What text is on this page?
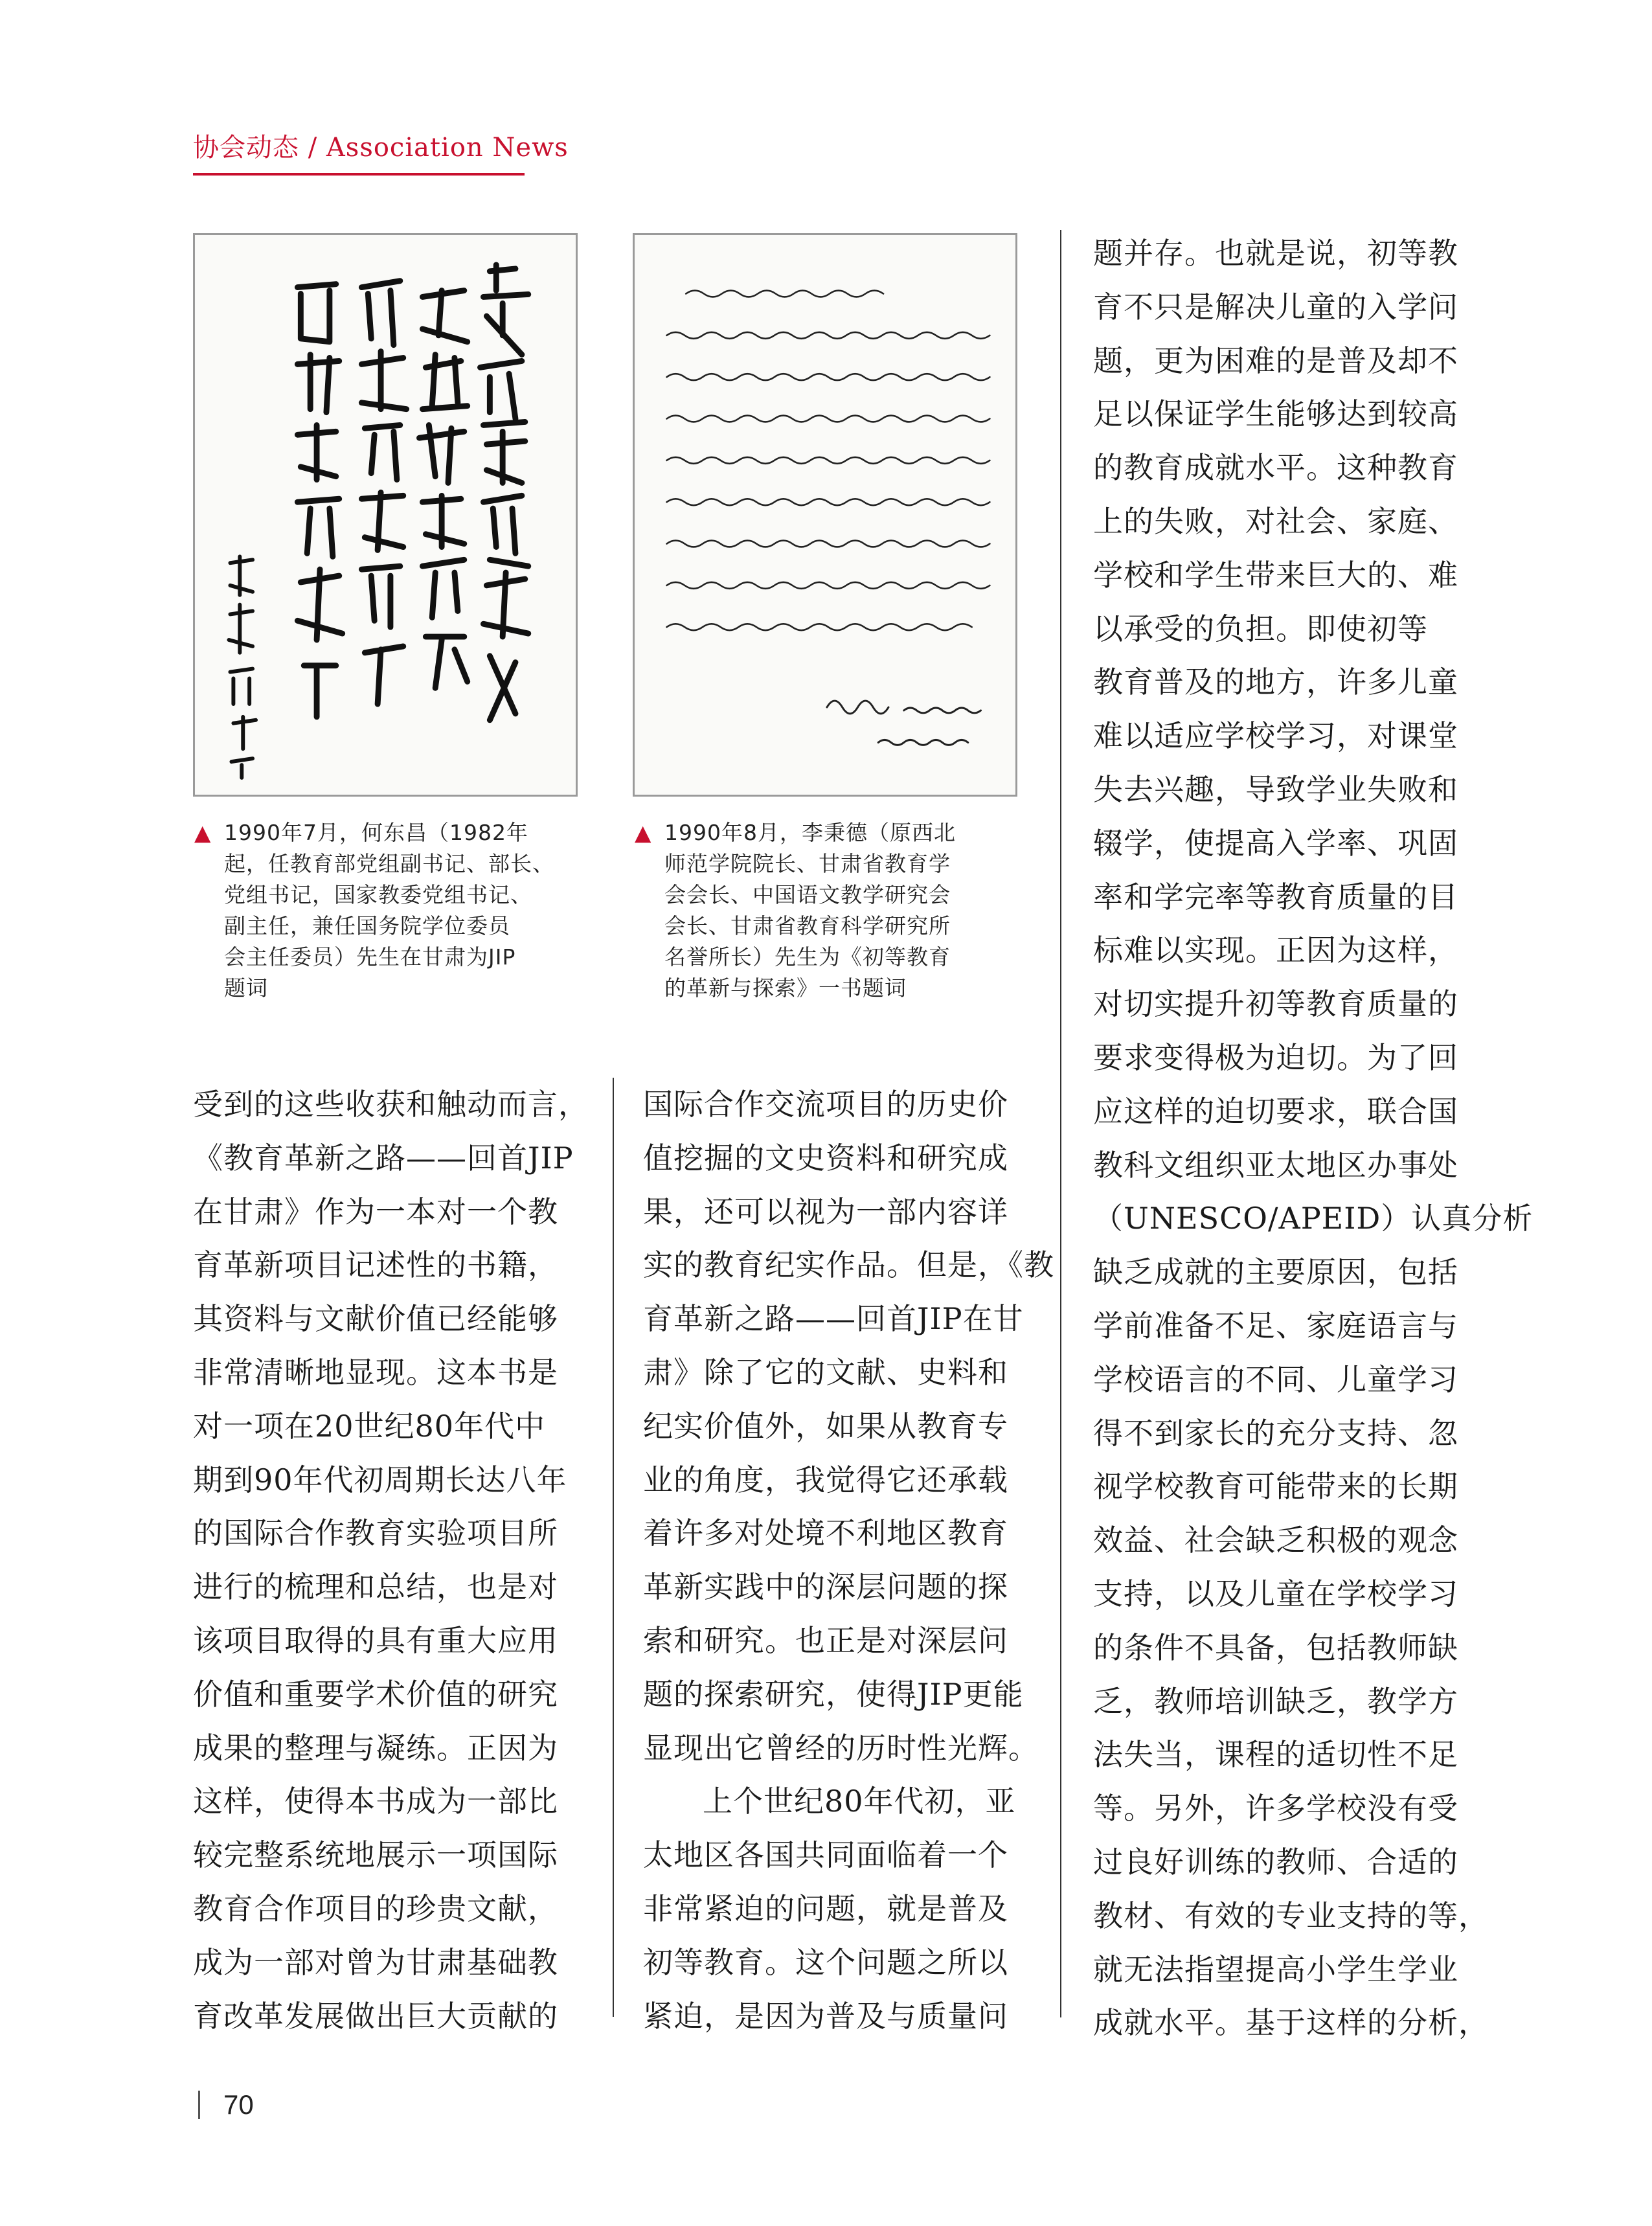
协会动态 / Association News
▲ 1990年7月，何东昌（1982年
起，任教育部党组副书记、部长、
党组书记，国家教委党组书记、
副主任，兼任国务院学位委员
会主任委员）先生在甘肃为JIP
题词
▲ 1990年8月，李秉德（原西北
师范学院院长、甘肃省教育学
会会长、中国语文教学研究会
会长、甘肃省教育科学研究所
名誉所长）先生为《初等教育
的革新与探索》一书题词
受到的这些收获和触动而言，
《教育革新之路——回首JIP
在甘肃》作为一本对一个教
育革新项目记述性的书籍，
其资料与文献价值已经能够
非常清晰地显现。这本书是
对一项在20世纪80年代中
期到90年代初周期长达八年
的国际合作教育实验项目所
进行的梳理和总结，也是对
该项目取得的具有重大应用
价值和重要学术价值的研究
成果的整理与凝练。正因为
这样，使得本书成为一部比
较完整系统地展示一项国际
教育合作项目的珍贵文献，
成为一部对曾为甘肃基础教
育改革发展做出巨大贡献的
国际合作交流项目的历史价
值挖掘的文史资料和研究成
果，还可以视为一部内容详
实的教育纪实作品。但是，《教
育革新之路——回首JIP在甘
肃》除了它的文献、史料和
纪实价值外，如果从教育专
业的角度，我觉得它还承载
着许多对处境不利地区教育
革新实践中的深层问题的探
索和研究。也正是对深层问
题的探索研究，使得JIP更能
显现出它曾经的历时性光辉。
上个世纪80年代初，亚
太地区各国共同面临着一个
非常紧迫的问题，就是普及
初等教育。这个问题之所以
紧迫，是因为普及与质量问
题并存。也就是说，初等教
育不只是解决儿童的入学问
题，更为困难的是普及却不
足以保证学生能够达到较高
的教育成就水平。这种教育
上的失败，对社会、家庭、
学校和学生带来巨大的、难
以承受的负担。即使初等
教育普及的地方，许多儿童
难以适应学校学习，对课堂
失去兴趣，导致学业失败和
辍学，使提高入学率、巩固
率和学完率等教育质量的目
标难以实现。正因为这样，
对切实提升初等教育质量的
要求变得极为迫切。为了回
应这样的迫切要求，联合国
教科文组织亚太地区办事处
（UNESCO/APEID）认真分析
缺乏成就的主要原因，包括
学前准备不足、家庭语言与
学校语言的不同、儿童学习
得不到家长的充分支持、忽
视学校教育可能带来的长期
效益、社会缺乏积极的观念
支持，以及儿童在学校学习
的条件不具备，包括教师缺
乏，教师培训缺乏，教学方
法失当，课程的适切性不足
等。另外，许多学校没有受
过良好训练的教师、合适的
教材、有效的专业支持的等，
就无法指望提高小学生学业
成就水平。基于这样的分析，
70
